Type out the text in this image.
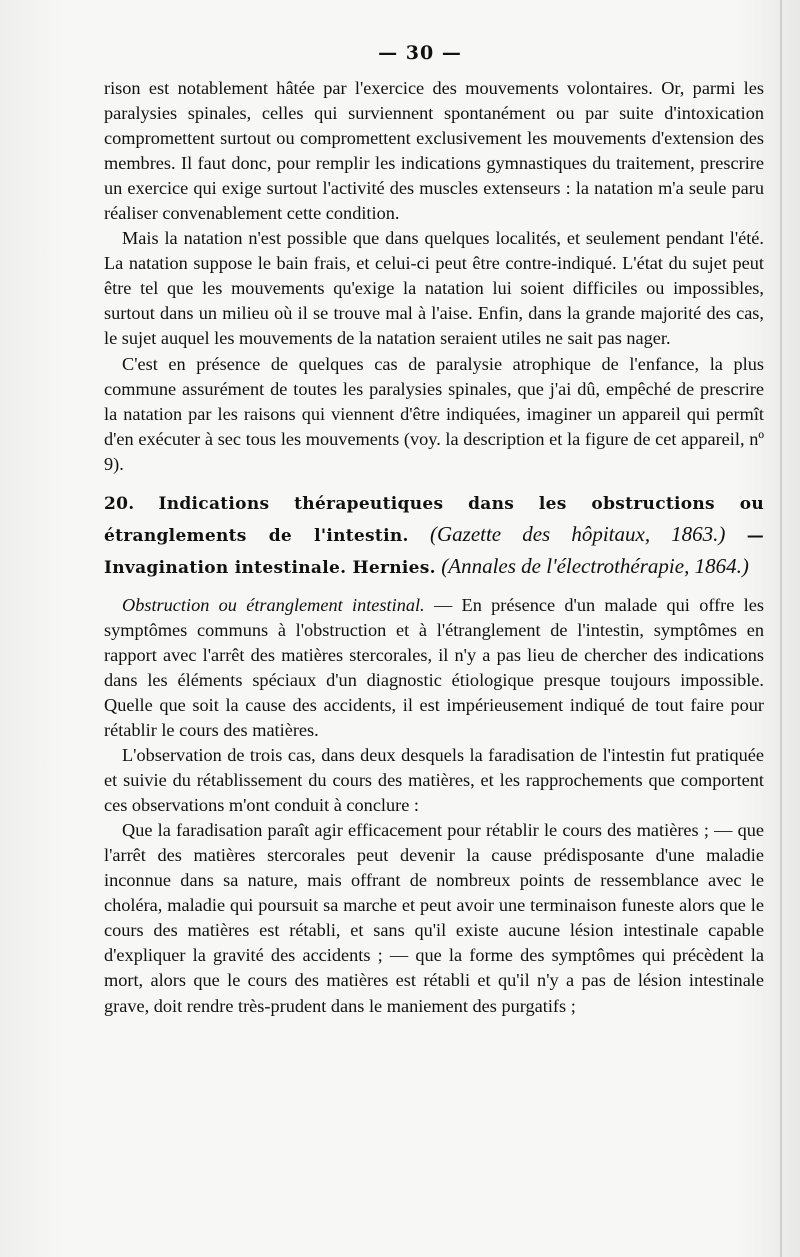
— 30 —

rison est notablement hâtée par l'exercice des mouvements volontaires. Or, parmi les paralysies spinales, celles qui surviennent spontanément ou par suite d'intoxication compromettent surtout ou compromettent exclusivement les mouvements d'extension des membres. Il faut donc, pour remplir les indications gymnastiques du traitement, prescrire un exercice qui exige surtout l'activité des muscles extenseurs : la natation m'a seule paru réaliser convenablement cette condition.

Mais la natation n'est possible que dans quelques localités, et seulement pendant l'été. La natation suppose le bain frais, et celui-ci peut être contre-indiqué. L'état du sujet peut être tel que les mouvements qu'exige la natation lui soient difficiles ou impossibles, surtout dans un milieu où il se trouve mal à l'aise. Enfin, dans la grande majorité des cas, le sujet auquel les mouvements de la natation seraient utiles ne sait pas nager.

C'est en présence de quelques cas de paralysie atrophique de l'enfance, la plus commune assurément de toutes les paralysies spinales, que j'ai dû, empêché de prescrire la natation par les raisons qui viennent d'être indiquées, imaginer un appareil qui permît d'en exécuter à sec tous les mouvements (voy. la description et la figure de cet appareil, nº 9).

20. Indications thérapeutiques dans les obstructions ou étranglements de l'intestin. (Gazette des hôpitaux, 1863.) — Invagination intestinale. Hernies. (Annales de l'électrothérapie, 1864.)

Obstruction ou étranglement intestinal. — En présence d'un malade qui offre les symptômes communs à l'obstruction et à l'étranglement de l'intestin, symptômes en rapport avec l'arrêt des matières stercorales, il n'y a pas lieu de chercher des indications dans les éléments spéciaux d'un diagnostic étiologique presque toujours impossible. Quelle que soit la cause des accidents, il est impérieusement indiqué de tout faire pour rétablir le cours des matières.

L'observation de trois cas, dans deux desquels la faradisation de l'intestin fut pratiquée et suivie du rétablissement du cours des matières, et les rapprochements que comportent ces observations m'ont conduit à conclure :

Que la faradisation paraît agir efficacement pour rétablir le cours des matières ; — que l'arrêt des matières stercorales peut devenir la cause prédisposante d'une maladie inconnue dans sa nature, mais offrant de nombreux points de ressemblance avec le choléra, maladie qui poursuit sa marche et peut avoir une terminaison funeste alors que le cours des matières est rétabli, et sans qu'il existe aucune lésion intestinale capable d'expliquer la gravité des accidents ; — que la forme des symptômes qui précèdent la mort, alors que le cours des matières est rétabli et qu'il n'y a pas de lésion intestinale grave, doit rendre très-prudent dans le maniement des purgatifs ;
